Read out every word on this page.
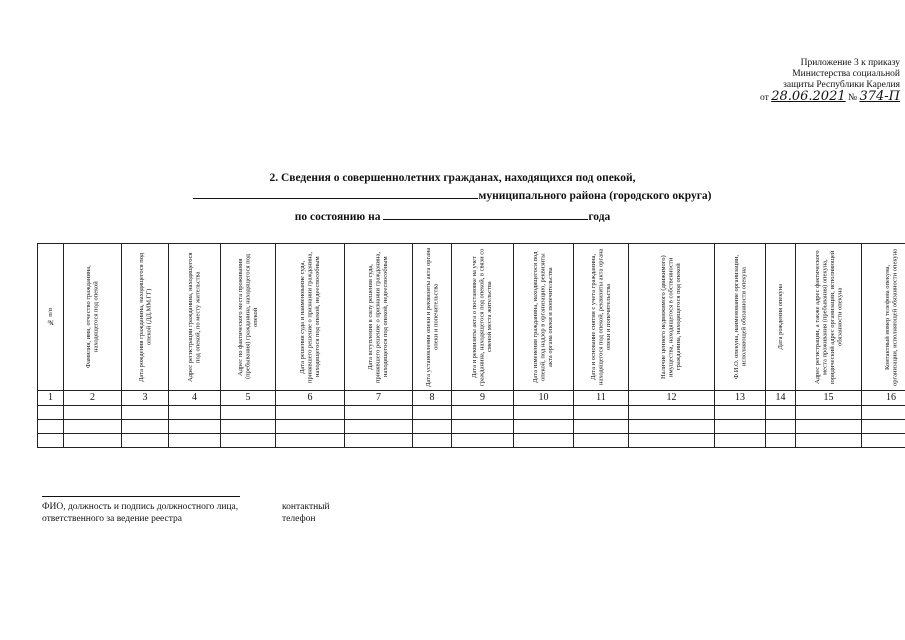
Приложение 3 к приказу
Министерства социальной
защиты Республики Карелия
от 28.06.2021 № 374-П
2. Сведения о совершеннолетних гражданах, находящихся под опекой,
муниципального района (городского округа)
по состоянию на	года
№ п/п	Фамилия, имя, отчество гражданина, находящегося под опекой	Дата рождения гражданина, находящегося под опекой (ДД.ММ.ГГ)	Адрес регистрации гражданина, находящегося под опекой, по месту жительства	Адрес по фактического места проживания (пребывания) гражданина, находящегося под опекой	Дата решения суда и наименование суда, принявшего решение о признании гражданина, находящегося под опекой, недееспособным	Дата вступления в силу решения суда, принявшего решение о признании гражданина, находящегося под опекой, недееспособным	Дата установления опеки и реквизиты акта органа опеки и попечительства	Дата и реквизиты акта о постановке на учет гражданина, находящегося под опекой, в связи со сменой места жительства	Дата изменения гражданина, находящегося под опекой, под надзор в организацию, реквизиты акта органа опеки и попечительства	Дата и основание снятия с учета гражданина, находящегося под опекой, реквизиты акта органа опеки и попечительства	Наличие ценного недвижимого (движимого) имущества, находящегося в собственности гражданина, находящегося под опекой	Ф.И.О. опекуна, наименование организации, исполняющей обязанности опекуна	Дата рождения опекуна	Адрес регистрации, а также адрес фактического места проживания (пребывания) опекуна, юридический адрес организации, исполняющей обязанности опекуна	Контактный номер телефона опекуна, организации, исполняющей обязанности опекуна

1	2	3	4	5	6	7	8	9	10	11	12	13	14	15	16

ФИО, должность и подпись должностного лица,
ответственного за ведение реестра
контактный
телефон
